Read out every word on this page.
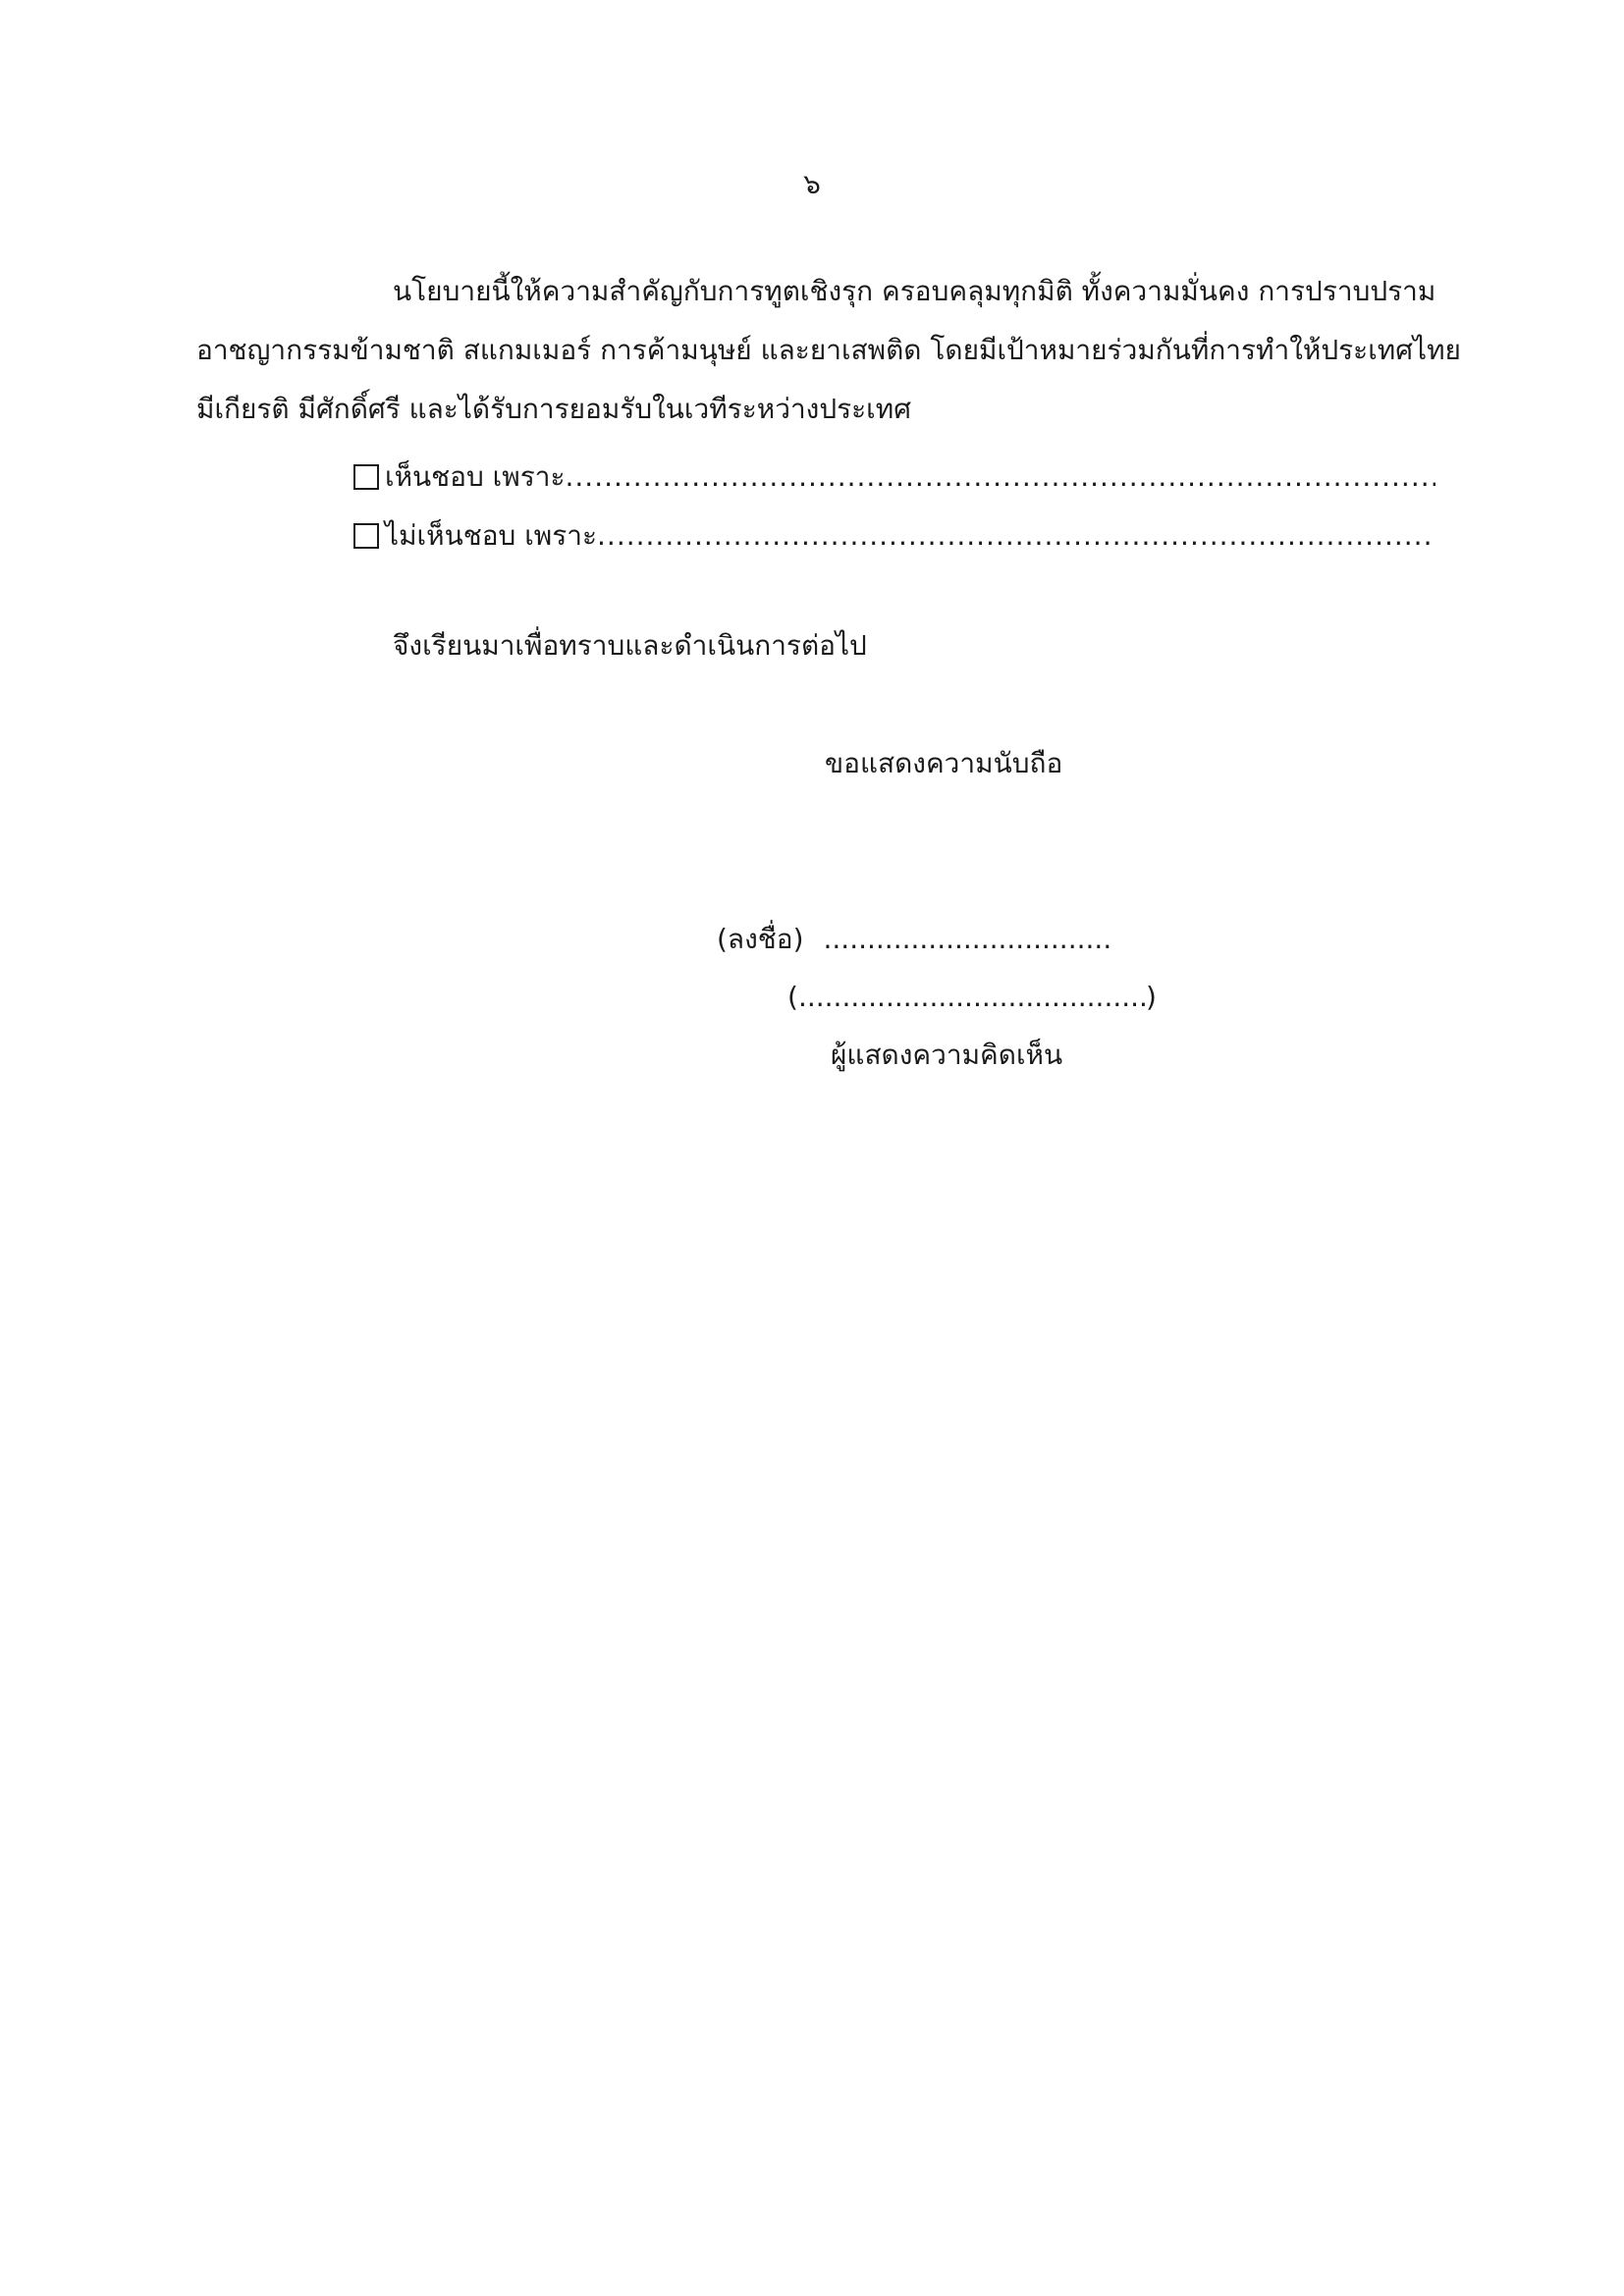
๖
นโยบายนี้ให้ความสำคัญกับการทูตเชิงรุก ครอบคลุมทุกมิติ ทั้งความมั่นคง การปราบปราม
อาชญากรรมข้ามชาติ สแกมเมอร์ การค้ามนุษย์ และยาเสพติด โดยมีเป้าหมายร่วมกันที่การทำให้ประเทศไทย
มีเกียรติ มีศักดิ์ศรี และได้รับการยอมรับในเวทีระหว่างประเทศ
เห็นชอบ เพราะ
.....
ไม่เห็นชอบ เพราะ
.....
จึงเรียนมาเพื่อทราบและดำเนินการต่อไป
ขอแสดงความนับถือ
(ลงชื่อ)
.....
(
.....	)
ผู้แสดงความคิดเห็น
